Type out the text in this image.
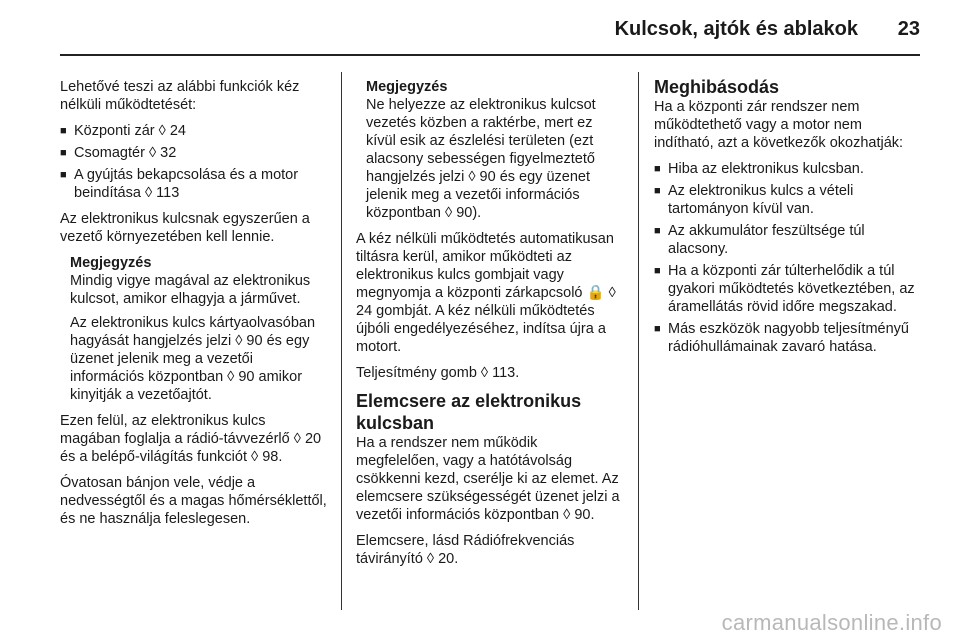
Kulcsok, ajtók és ablakok 23

Lehetővé teszi az alábbi funkciók kéz nélküli működtetését:

■ Központi zár ◊ 24
■ Csomagtér ◊ 32
■ A gyújtás bekapcsolása és a motor beindítása ◊ 113

Az elektronikus kulcsnak egyszerűen a vezető környezetében kell lennie.

Megjegyzés

Mindig vigye magával az elektronikus kulcsot, amikor elhagyja a járművet.

Az elektronikus kulcs kártyaolvasóban hagyását hangjelzés jelzi ◊ 90 és egy üzenet jelenik meg a vezetői információs központban ◊ 90 amikor kinyitják a vezetőajtót.

Ezen felül, az elektronikus kulcs magában foglalja a rádió-távvezérlő ◊ 20 és a belépő-világítás funkciót ◊ 98.

Óvatosan bánjon vele, védje a nedvességtől és a magas hőmérséklettől, és ne használja feleslegesen.

Megjegyzés

Ne helyezze az elektronikus kulcsot vezetés közben a raktérbe, mert ez kívül esik az észlelési területen (ezt alacsony sebességen figyelmeztető hangjelzés jelzi ◊ 90 és egy üzenet jelenik meg a vezetői információs központban ◊ 90).

A kéz nélküli működtetés automatikusan tiltásra kerül, amikor működteti az elektronikus kulcs gombjait vagy megnyomja a központi zárkapcsoló 🔒 ◊ 24 gombját. A kéz nélküli működtetés újbóli engedélyezéséhez, indítsa újra a motort.

Teljesítmény gomb ◊ 113.

Elemcsere az elektronikus kulcsban

Ha a rendszer nem működik megfelelően, vagy a hatótávolság csökkenni kezd, cserélje ki az elemet. Az elemcsere szükségességét üzenet jelzi a vezetői információs központban ◊ 90.

Elemcsere, lásd Rádiófrekvenciás távirányító ◊ 20.

Meghibásodás

Ha a központi zár rendszer nem működtethető vagy a motor nem indítható, azt a következők okozhatják:

■ Hiba az elektronikus kulcsban.
■ Az elektronikus kulcs a vételi tartományon kívül van.
■ Az akkumulátor feszültsége túl alacsony.
■ Ha a központi zár túlterhelődik a túl gyakori működtetés következtében, az áramellátás rövid időre megszakad.
■ Más eszközök nagyobb teljesítményű rádióhullámainak zavaró hatása.
carmanualsonline.info
